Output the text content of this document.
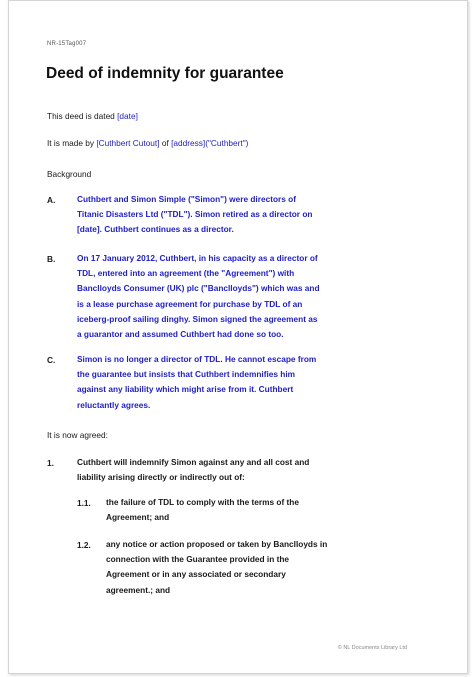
NR-15Tag007
Deed of indemnity for guarantee
This deed is dated [date]
It is made by [Cuthbert Cutout] of [address]("Cuthbert")
Background
A.	Cuthbert and Simon Simple ("Simon") were directors of
Titanic Disasters Ltd ("TDL"). Simon retired as a director on
[date]. Cuthbert continues as a director.
B.	On 17 January 2012, Cuthbert, in his capacity as a director of
TDL, entered into an agreement (the "Agreement") with
Banclloyds Consumer (UK) plc ("Banclloyds") which was and
is a lease purchase agreement for purchase by TDL of an
iceberg-proof sailing dinghy. Simon signed the agreement as
a guarantor and assumed Cuthbert had done so too.
C.	Simon is no longer a director of TDL. He cannot escape from
the guarantee but insists that Cuthbert indemnifies him
against any liability which might arise from it. Cuthbert
reluctantly agrees.
It is now agreed:
1.	Cuthbert will indemnify Simon against any and all cost and
liability arising directly or indirectly out of:
1.1. the failure of TDL to comply with the terms of the
Agreement; and
1.2. any notice or action proposed or taken by Banclloyds in
connection with the Guarantee provided in the
Agreement or in any associated or secondary
agreement.; and
© NL Documents Library Ltd
